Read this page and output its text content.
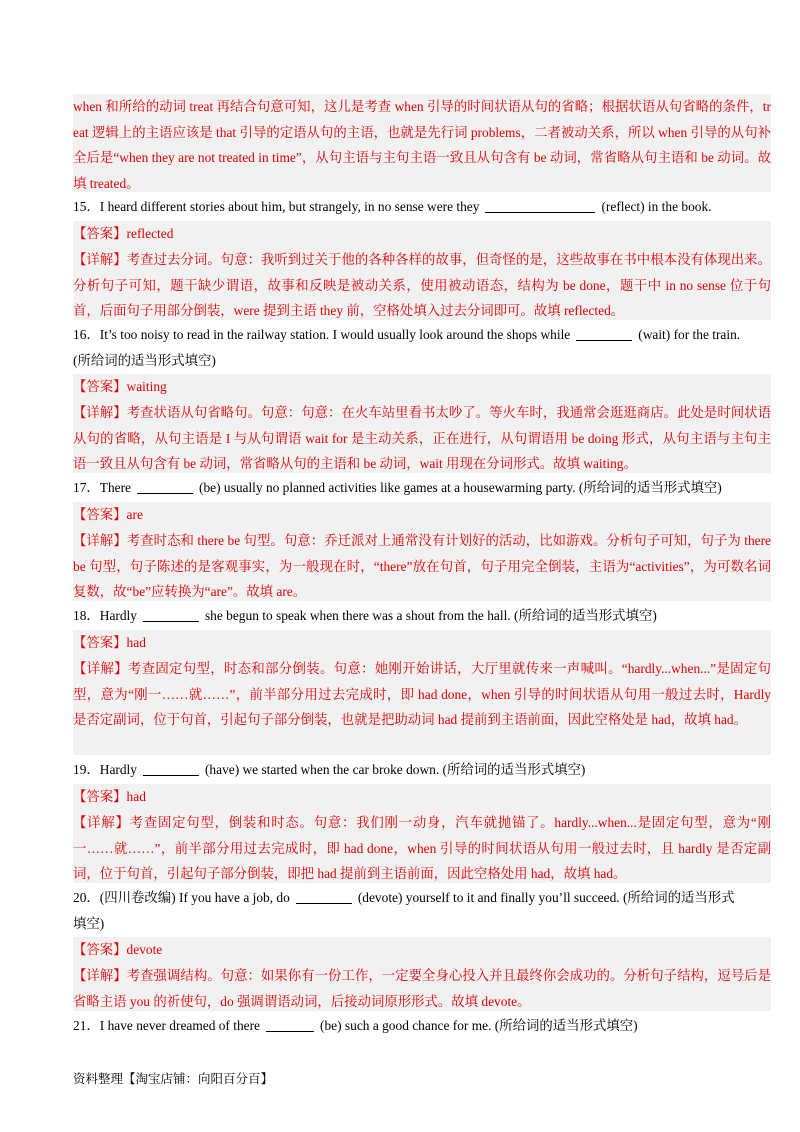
when 和所给的动词 treat 再结合句意可知，这儿是考查 when 引导的时间状语从句的省略；根据状语从句省略的条件，treat 逻辑上的主语应该是 that 引导的定语从句的主语，也就是先行词 problems，二者被动关系，所以 when 引导的从句补全后是“when they are not treated in time”，从句主语与主句主语一致且从句含有 be 动词，常省略从句主语和 be 动词。故填 treated。
15．I heard different stories about him, but strangely, in no sense were they	(reflect) in the book.
【答案】reflected
【详解】考查过去分词。句意：我听到过关于他的各种各样的故事，但奇怪的是，这些故事在书中根本没有体现出来。分析句子可知，题干缺少谓语，故事和反映是被动关系，使用被动语态，结构为 be done，题干中 in no sense 位于句首，后面句子用部分倒装，were 提到主语 they 前，空格处填入过去分词即可。故填 reflected。
16．It’s too noisy to read in the railway station. I would usually look around the shops while	(wait) for the train.
(所给词的适当形式填空)
【答案】waiting
【详解】考查状语从句省略句。句意：句意：在火车站里看书太吵了。等火车时，我通常会逛逛商店。此处是时间状语从句的省略，从句主语是 I 与从句谓语 wait for 是主动关系，正在进行，从句谓语用 be doing 形式，从句主语与主句主语一致且从句含有 be 动词，常省略从句的主语和 be 动词，wait 用现在分词形式。故填 waiting。
17．There	(be) usually no planned activities like games at a housewarming party. (所给词的适当形式填空)
【答案】are
【详解】考查时态和 there be 句型。句意：乔迁派对上通常没有计划好的活动，比如游戏。分析句子可知，句子为 there be 句型，句子陈述的是客观事实，为一般现在时，“there”放在句首，句子用完全倒装，主语为“activities”，为可数名词复数，故“be”应转换为“are”。故填 are。
18．Hardly	she begun to speak when there was a shout from the hall. (所给词的适当形式填空)
【答案】had
【详解】考查固定句型，时态和部分倒装。句意：她刚开始讲话，大厅里就传来一声喊叫。“hardly...when...”是固定句型，意为“刚一……就……”，前半部分用过去完成时，即 had done，when 引导的时间状语从句用一般过去时，Hardly 是否定副词，位于句首，引起句子部分倒装，也就是把助动词 had 提前到主语前面，因此空格处是 had，故填 had。
19．Hardly	(have) we started when the car broke down. (所给词的适当形式填空)
【答案】had
【详解】考查固定句型，倒装和时态。句意：我们刚一动身，汽车就抛锚了。hardly...when...是固定句型，意为“刚一……就……”，前半部分用过去完成时，即 had done，when 引导的时间状语从句用一般过去时，且 hardly 是否定副词，位于句首，引起句子部分倒装，即把 had 提前到主语前面，因此空格处用 had，故填 had。
20．(四川卷改编) If you have a job, do	(devote) yourself to it and finally you’ll succeed. (所给词的适当形式
填空)
【答案】devote
【详解】考查强调结构。句意：如果你有一份工作，一定要全身心投入并且最终你会成功的。分析句子结构，逗号后是省略主语 you 的祈使句，do 强调谓语动词，后接动词原形形式。故填 devote。
21．I have never dreamed of there	(be) such a good chance for me. (所给词的适当形式填空)
资料整理【淘宝店铺：向阳百分百】
